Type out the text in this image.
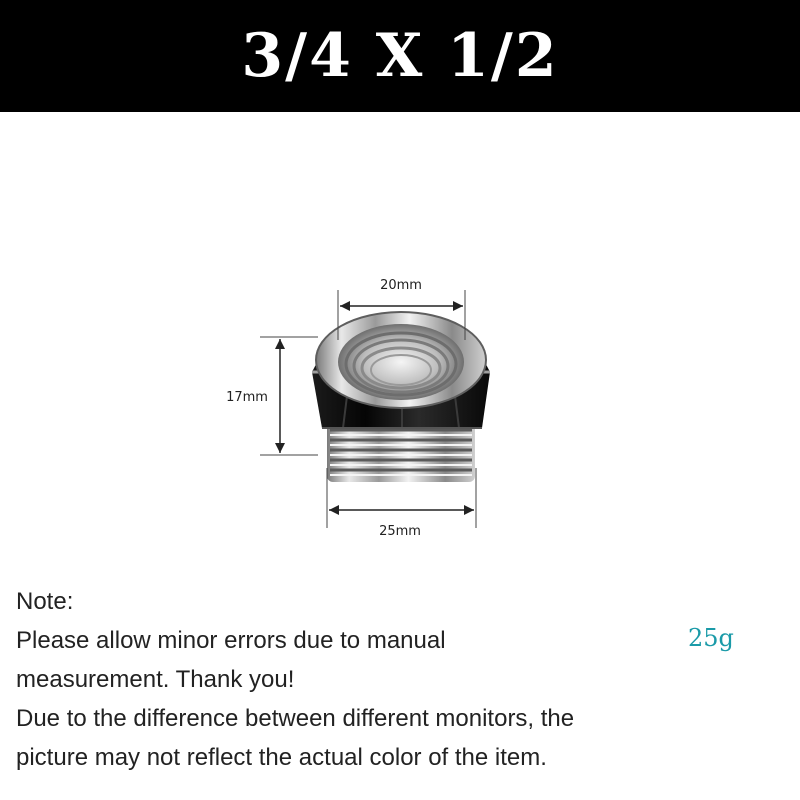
3/4 X 1/2
20mm
17mm
25mm
Note:
Please allow minor errors due to manual
measurement. Thank you!
Due to the difference between different monitors, the
picture may not reflect the actual color of the item.
25g
